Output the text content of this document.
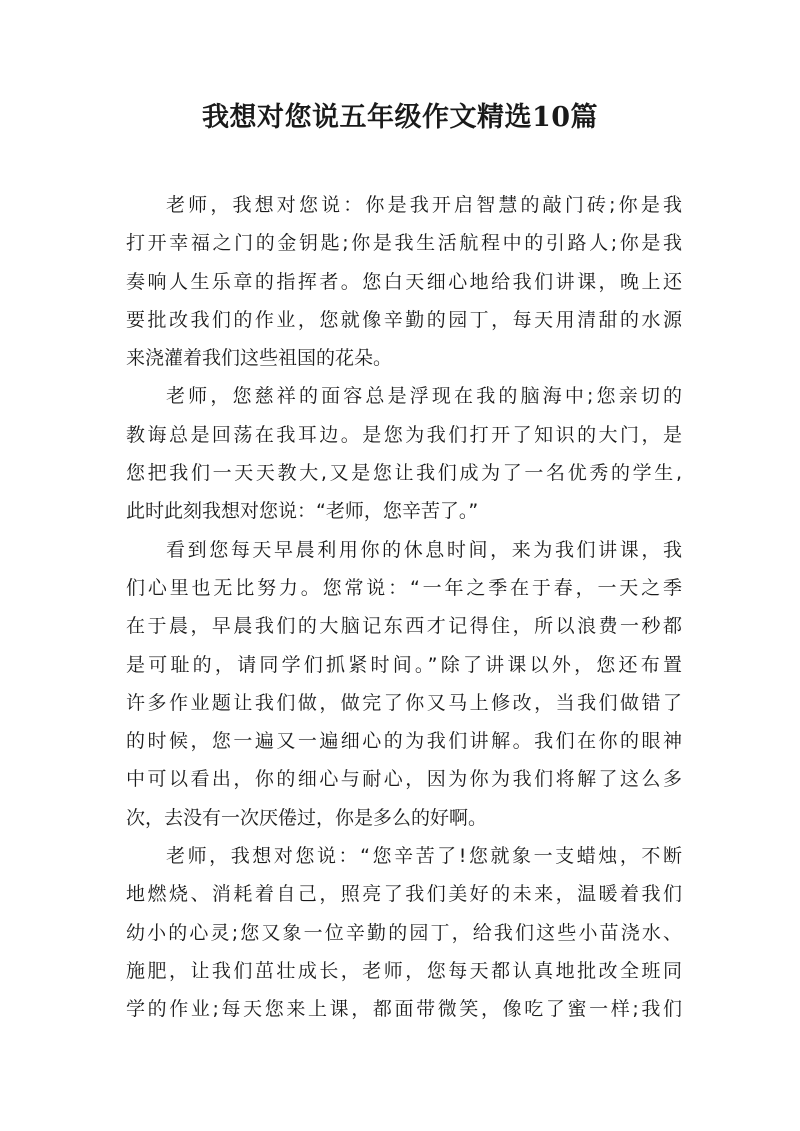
我想对您说五年级作文精选10篇
老师，我想对您说：你是我开启智慧的敲门砖;你是我
打开幸福之门的金钥匙;你是我生活航程中的引路人;你是我
奏响人生乐章的指挥者。您白天细心地给我们讲课，晚上还
要批改我们的作业，您就像辛勤的园丁，每天用清甜的水源
来浇灌着我们这些祖国的花朵。
老师，您慈祥的面容总是浮现在我的脑海中;您亲切的
教诲总是回荡在我耳边。是您为我们打开了知识的大门，是
您把我们一天天教大,又是您让我们成为了一名优秀的学生,
此时此刻我想对您说：“老师，您辛苦了。”
看到您每天早晨利用你的休息时间，来为我们讲课，我
们心里也无比努力。您常说：“一年之季在于春，一天之季
在于晨，早晨我们的大脑记东西才记得住，所以浪费一秒都
是可耻的，请同学们抓紧时间。”除了讲课以外，您还布置
许多作业题让我们做，做完了你又马上修改，当我们做错了
的时候，您一遍又一遍细心的为我们讲解。我们在你的眼神
中可以看出，你的细心与耐心，因为你为我们将解了这么多
次，去没有一次厌倦过，你是多么的好啊。
老师，我想对您说：“您辛苦了!您就象一支蜡烛，不断
地燃烧、消耗着自己，照亮了我们美好的未来，温暖着我们
幼小的心灵;您又象一位辛勤的园丁，给我们这些小苗浇水、
施肥，让我们茁壮成长，老师，您每天都认真地批改全班同
学的作业;每天您来上课，都面带微笑，像吃了蜜一样;我们
